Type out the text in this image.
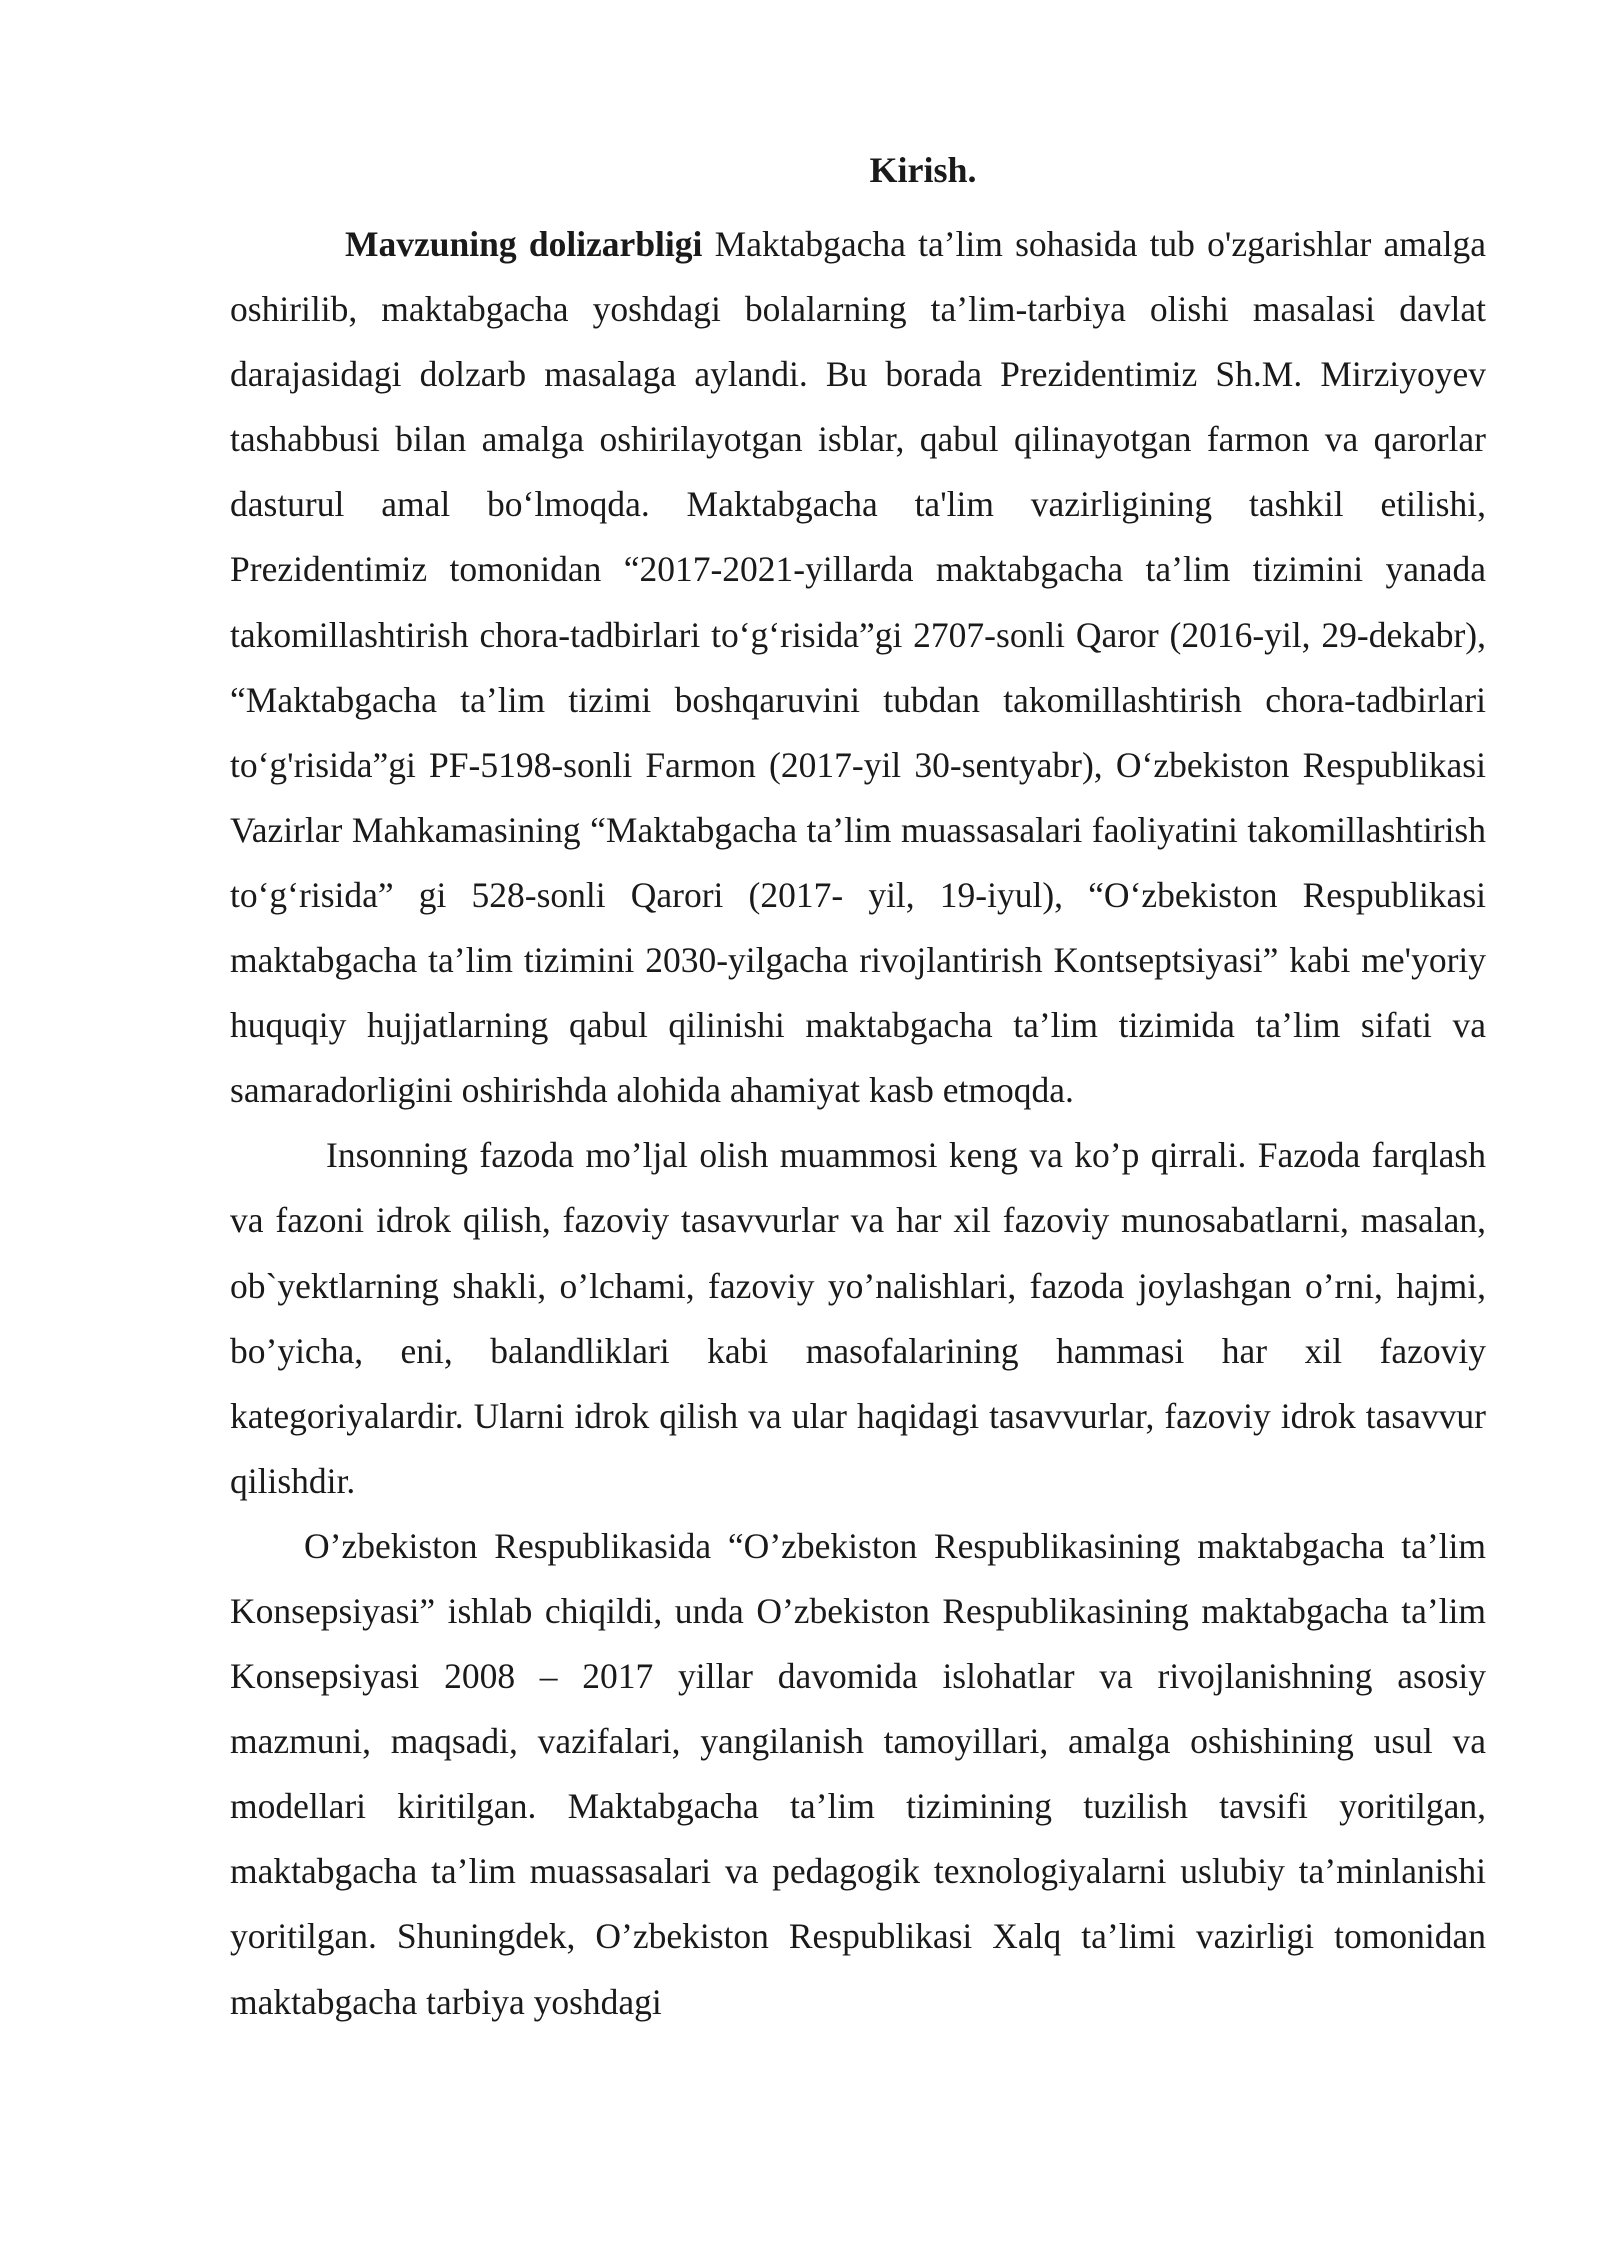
Kirish.

Mavzuning dolizarbligi Maktabgacha ta’lim sohasida tub o'zgarishlar amalga oshirilib, maktabgacha yoshdagi bolalarning ta’lim-tarbiya olishi masalasi davlat darajasidagi dolzarb masalaga aylandi. Bu borada Prezidentimiz Sh.M. Mirziyoyev tashabbusi bilan amalga oshirilayotgan isblar, qabul qilinayotgan farmon va qarorlar dasturul amal bo‘lmoqda. Maktabgacha ta'lim vazirligining tashkil etilishi, Prezidentimiz tomonidan “2017-2021-yillarda maktabgacha ta’lim tizimini yanada takomillashtirish chora-tadbirlari to‘g‘risida”gi 2707-sonli Qaror (2016-yil, 29-dekabr), “Maktabgacha ta’lim tizimi boshqaruvini tubdan takomillashtirish chora-tadbirlari to‘g'risida”gi PF-5198-sonli Farmon (2017-yil 30-sentyabr), O‘zbekiston Respublikasi Vazirlar Mahkamasining “Maktabgacha ta’lim muassasalari faoliyatini takomillashtirish to‘g‘risida” gi 528-sonli Qarori (2017- yil, 19-iyul), “O‘zbekiston Respublikasi maktabgacha ta’lim tizimini 2030-yilgacha rivojlantirish Kontseptsiyasi” kabi me'yoriy huquqiy hujjatlarning qabul qilinishi maktabgacha ta’lim tizimida ta’lim sifati va samaradorligini oshirishda alohida ahamiyat kasb etmoqda.

Insonning fazoda mo’ljal olish muammosi keng va ko’p qirrali. Fazoda farqlash va fazoni idrok qilish, fazoviy tasavvurlar va har xil fazoviy munosabatlarni, masalan, ob`yektlarning shakli, o’lchami, fazoviy yo’nalishlari, fazoda joylashgan o’rni, hajmi, bo’yicha, eni, balandliklari kabi masofalarining hammasi har xil fazoviy kategoriyalardir. Ularni idrok qilish va ular haqidagi tasavvurlar, fazoviy idrok tasavvur qilishdir.

O’zbekiston Respublikasida “O’zbekiston Respublikasining maktabgacha ta’lim Konsepsiyasi” ishlab chiqildi, unda O’zbekiston Respublikasining maktabgacha ta’lim Konsepsiyasi 2008 – 2017 yillar davomida islohatlar va rivojlanishning asosiy mazmuni, maqsadi, vazifalari, yangilanish tamoyillari, amalga oshishining usul va modellari kiritilgan. Maktabgacha ta’lim tizimining tuzilish tavsifi yoritilgan, maktabgacha ta’lim muassasalari va pedagogik texnologiyalarni uslubiy ta’minlanishi yoritilgan. Shuningdek, O’zbekiston Respublikasi Xalq ta’limi vazirligi tomonidan maktabgacha tarbiya yoshdagi
